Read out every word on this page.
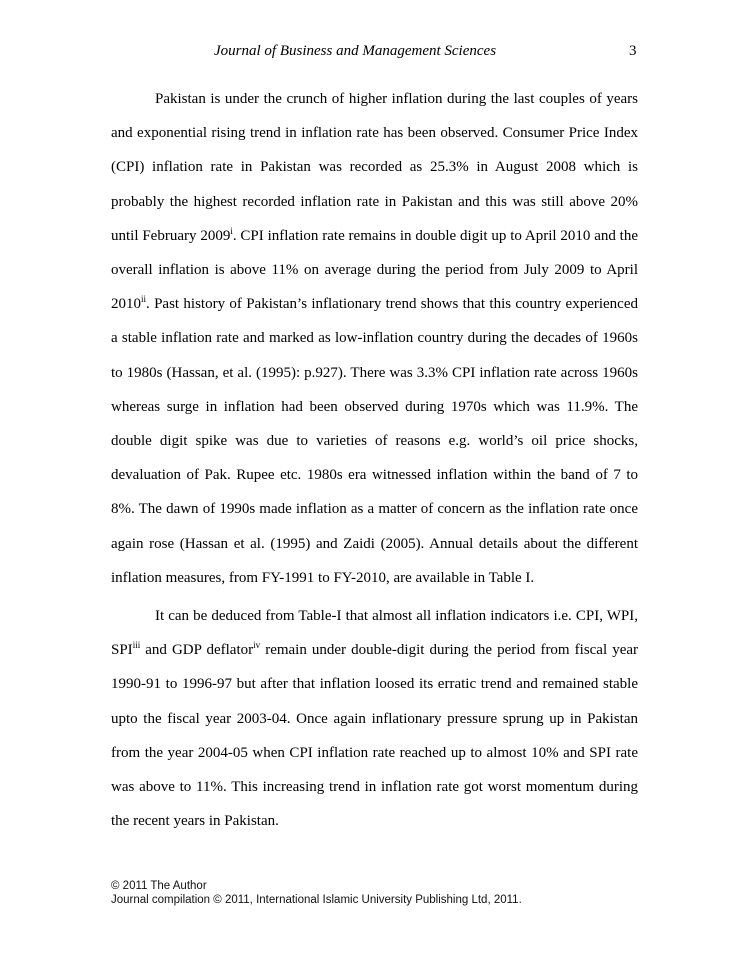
Journal of Business and Management Sciences	3

Pakistan is under the crunch of higher inflation during the last couples of years and exponential rising trend in inflation rate has been observed. Consumer Price Index (CPI) inflation rate in Pakistan was recorded as 25.3% in August 2008 which is probably the highest recorded inflation rate in Pakistan and this was still above 20% until February 2009$^i$. CPI inflation rate remains in double digit up to April 2010 and the overall inflation is above 11% on average during the period from July 2009 to April 2010$^{ii}$. Past history of Pakistan’s inflationary trend shows that this country experienced a stable inflation rate and marked as low-inflation country during the decades of 1960s to 1980s (Hassan, et al. (1995): p.927). There was 3.3% CPI inflation rate across 1960s whereas surge in inflation had been observed during 1970s which was 11.9%. The double digit spike was due to varieties of reasons e.g. world’s oil price shocks, devaluation of Pak. Rupee etc. 1980s era witnessed inflation within the band of 7 to 8%. The dawn of 1990s made inflation as a matter of concern as the inflation rate once again rose (Hassan et al. (1995) and Zaidi (2005). Annual details about the different inflation measures, from FY-1991 to FY-2010, are available in Table I.

It can be deduced from Table-I that almost all inflation indicators i.e. CPI, WPI, SPI$^{iii}$ and GDP deflator$^{iv}$ remain under double-digit during the period from fiscal year 1990-91 to 1996-97 but after that inflation loosed its erratic trend and remained stable upto the fiscal year 2003-04. Once again inflationary pressure sprung up in Pakistan from the year 2004-05 when CPI inflation rate reached up to almost 10% and SPI rate was above to 11%. This increasing trend in inflation rate got worst momentum during the recent years in Pakistan.

© 2011 The Author
Journal compilation © 2011, International Islamic University Publishing Ltd, 2011.
